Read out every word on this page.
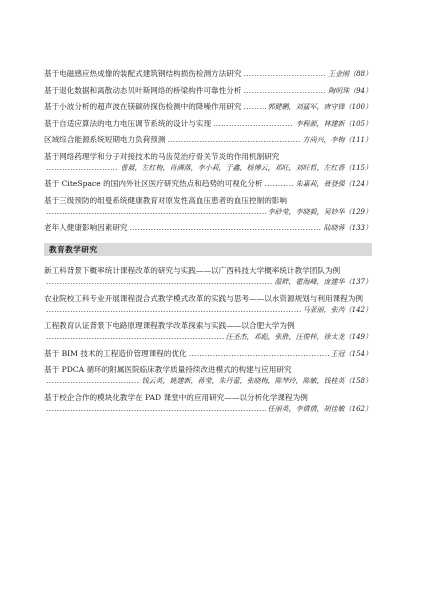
基于电磁感应热成像的装配式建筑钢结构损伤检测方法研究 …………………………………………………………………………………………………………………………………………………………	王金刚（88）
基于退化数据和离散动态贝叶斯网络的桥梁构件可靠性分析 …………………………………………………………………………………………………………………………………………………………	陶明珠（94）
基于小波分析的超声波在镁碳砖探伤检测中的降噪作用研究 …………………………………………………………………………………………………………………………………………………………	郭健鹏，刘猛军，唐守锋（100）
基于自适应算法的电力电压调节系统的设计与实现 …………………………………………………………………………………………………………………………………………………………	李程源，林建新（105）
区域综合能源系统短期电力负荷预测 …………………………………………………………………………………………………………………………………………………………	方尚兴，李梅（111）
基于网络药理学和分子对接技术的马齿苋治疗骨关节炎的作用机制研究
…………………………………………………………………………………………………………………………………………………………
曹晨，左红梅，肖满落，李小莉，于鑫，杨博云，邓旺，刘旺哲，左红香（115）
基于 CiteSpace 的国内外社区医疗研究热点和趋势的可视化分析 …………………………………………………………………………………………………………………………………………………………	朱嘉莉，聂登强（124）
基于三级预防的组曼系统健康教育对原发性高血压患者的血压控制的影响
…………………………………………………………………………………………………………………………………………………………
李砂莹，李晓毅，吴妙华（129）
老年人健康影响因素研究 …………………………………………………………………………………………………………………………………………………………	陆晓蓉（133）
教育教学研究
新工科背景下概率统计课程改革的研究与实践——以广西科技大学概率统计教学团队为例
…………………………………………………………………………………………………………………………………………………………
温畔，霍海峰，庞建华（137）
农业院校工科专业开展课程混合式教学模式改革的实践与思考——以水资源规划与利用课程为例
…………………………………………………………………………………………………………………………………………………………
马亚丽，张芮（142）
工程教育认证背景下电路原理课程教学改革探索与实践——以合肥大学为例
…………………………………………………………………………………………………………………………………………………………
汪圣杰，邓彪，张胜，汪俊梓，徐太龙（149）
基于 BIM 技术的工程造价管理课程的优化 …………………………………………………………………………………………………………………………………………………………	王冠（154）
基于 PDCA 循环的附属医院临床教学质量持续改进模式的构建与应用研究
…………………………………………………………………………………………………………………………………………………………
钱云英，姚建新，蒋莹，朱丹蕾，张晓梅，陈琴玲，陈敏，钱桂英（158）
基于校企合作的模块化教学在 PAD 课堂中的应用研究——以分析化学课程为例
…………………………………………………………………………………………………………………………………………………………
任丽英，李倩倩，胡佳敏（162）
